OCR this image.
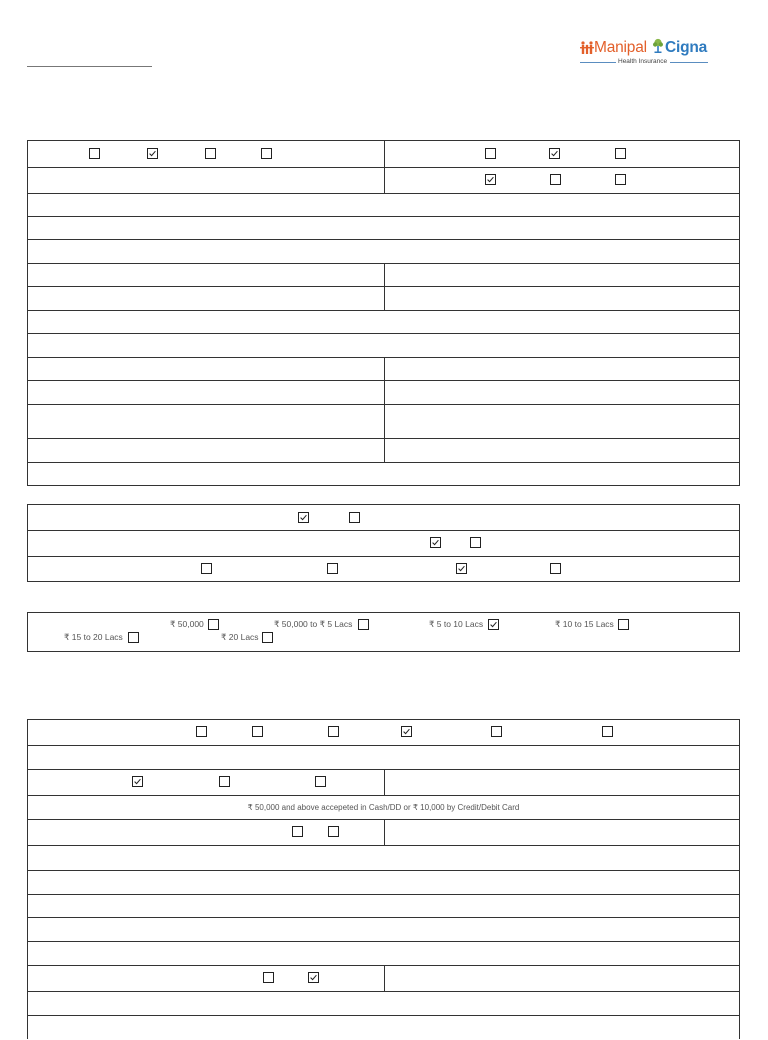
Manipal Cigna
Health Insurance
₹ 50,000	₹ 50,000 to ₹ 5 Lacs	₹ 5 to 10 Lacs	₹ 10 to 15 Lacs
₹ 15 to 20 Lacs	₹ 20 Lacs
₹ 50,000 and above accepeted in Cash/DD or ₹ 10,000 by Credit/Debit Card
